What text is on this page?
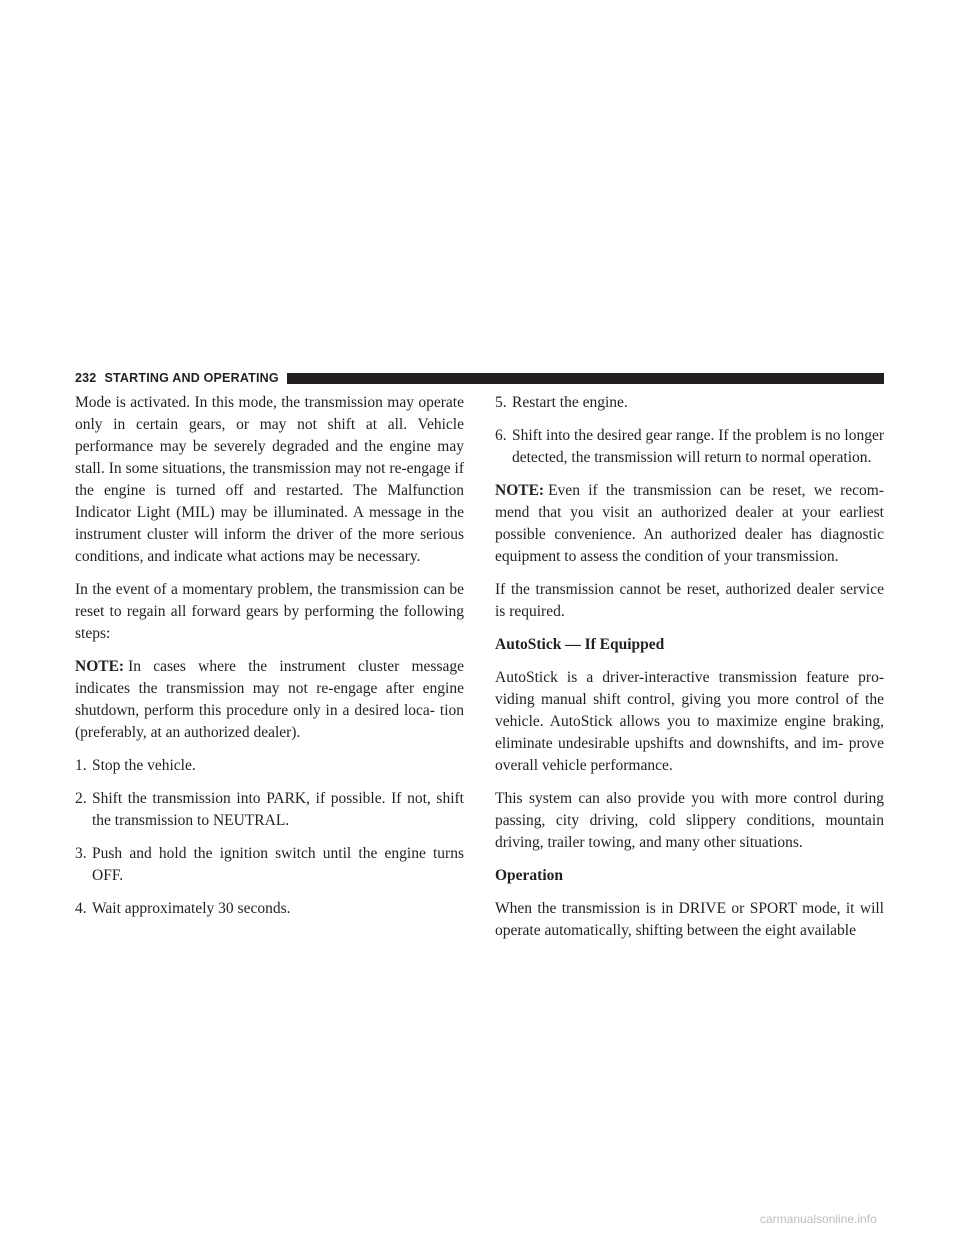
232 STARTING AND OPERATING

Mode is activated. In this mode, the transmission may operate only in certain gears, or may not shift at all. Vehicle performance may be severely degraded and the engine may stall. In some situations, the transmission may not re-engage if the engine is turned off and restarted. The Malfunction Indicator Light (MIL) may be illuminated. A message in the instrument cluster will inform the driver of the more serious conditions, and indicate what actions may be necessary.

In the event of a momentary problem, the transmission can be reset to regain all forward gears by performing the following steps:

NOTE: In cases where the instrument cluster message indicates the transmission may not re-engage after engine shutdown, perform this procedure only in a desired loca- tion (preferably, at an authorized dealer).

1. Stop the vehicle.
2. Shift the transmission into PARK, if possible. If not, shift the transmission to NEUTRAL.
3. Push and hold the ignition switch until the engine turns OFF.
4. Wait approximately 30 seconds.
5. Restart the engine.
6. Shift into the desired gear range. If the problem is no longer detected, the transmission will return to normal operation.

NOTE: Even if the transmission can be reset, we recom- mend that you visit an authorized dealer at your earliest possible convenience. An authorized dealer has diagnostic equipment to assess the condition of your transmission.

If the transmission cannot be reset, authorized dealer service is required.

AutoStick — If Equipped

AutoStick is a driver-interactive transmission feature pro- viding manual shift control, giving you more control of the vehicle. AutoStick allows you to maximize engine braking, eliminate undesirable upshifts and downshifts, and im- prove overall vehicle performance.

This system can also provide you with more control during passing, city driving, cold slippery conditions, mountain driving, trailer towing, and many other situations.

Operation

When the transmission is in DRIVE or SPORT mode, it will operate automatically, shifting between the eight available

carmanualsonline.info
